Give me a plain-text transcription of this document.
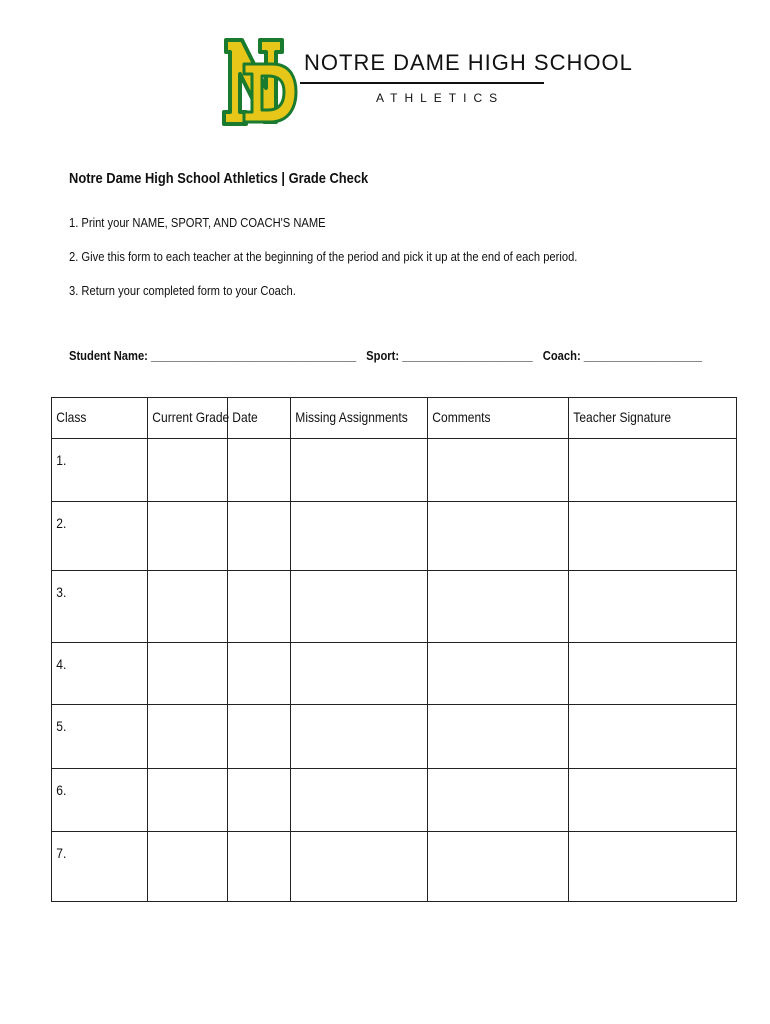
NOTRE DAME HIGH SCHOOL
ATHLETICS
Notre Dame High School Athletics | Grade Check
1. Print your NAME, SPORT, AND COACH'S NAME
2. Give this form to each teacher at the beginning of the period and pick it up at the end of each period.
3. Return your completed form to your Coach.
Student Name: _________________________________ Sport: _____________________ Coach: ___________________
Class	Current Grade	Date	Missing Assignments	Comments	Teacher Signature

1.					

2.					

3.					

4.					

5.					

6.					

7.					
